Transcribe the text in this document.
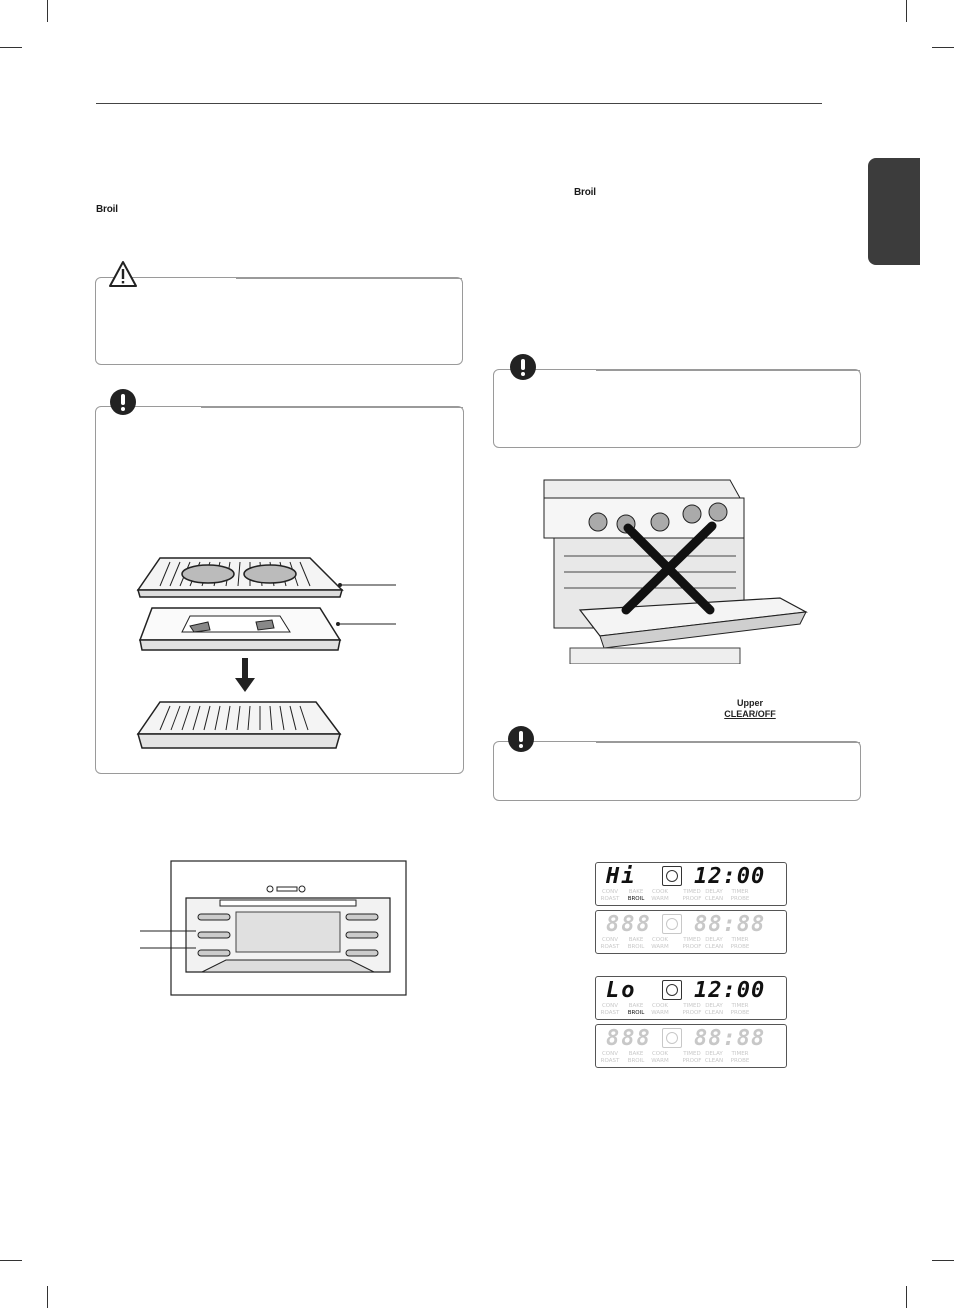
Broil
Broil
Upper
CLEAR/OFF
Hi	12:00
CONV
ROAST
BAKE
BROIL
COOK
WARM
TIMED
PROOF
DELAY
CLEAN
TIMER
PROBE
888 88:88
CONV
ROAST
BAKE
BROIL
COOK
WARM
TIMED
PROOF
DELAY
CLEAN
TIMER
PROBE
Lo	12:00
CONV
ROAST
BAKE
BROIL
COOK
WARM
TIMED
PROOF
DELAY
CLEAN
TIMER
PROBE
888 88:88
CONV
ROAST
BAKE
BROIL
COOK
WARM
TIMED
PROOF
DELAY
CLEAN
TIMER
PROBE
